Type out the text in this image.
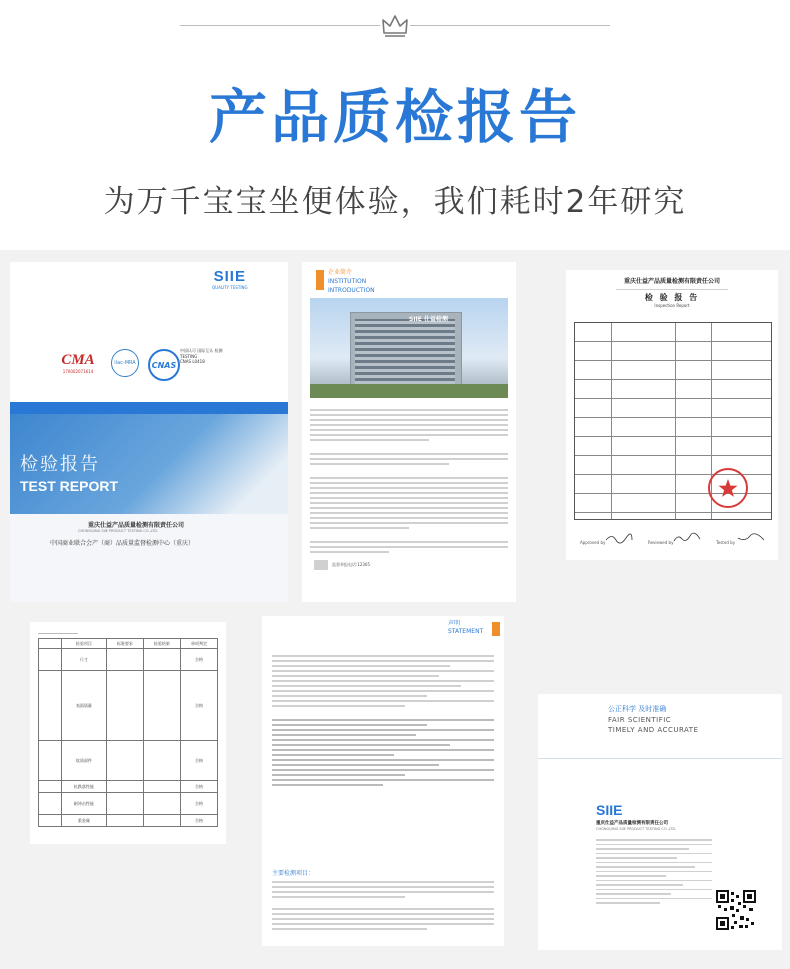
产品质检报告
为万千宝宝坐便体验，我们耗时2年研究
SIIE
QUALITY TESTING
CMA
170002071614
ilac-MRA	CNAS
中国认可 国际互认 检测
TESTING
CNAS L0418
检验报告
TEST REPORT
重庆仕益产品质量检测有限责任公司
CHONGQING SIIE PRODUCT TESTING CO.,LTD.
中国商业联合会产（商）品质量监督检测中心（重庆）
企业简介
INSTITUTION
INTRODUCTION
SIIE 仕益检测
监督举报电话:12365
重庆仕益产品质量检测有限责任公司
检 验 报 告
Inspection Report
Approved by	Reviewed by	Tested by
	检验项目	标准要求	检验结果	单项判定
	尺寸			合格
	表面质量			合格
	软质部件			合格
	抗跌落性能			合格
	耐冲击性能			合格
	重金属			合格
声明
STATEMENT
主要检测项目：
公正科学 及时准确
FAIR SCIENTIFIC
TIMELY AND ACCURATE
SIIE
重庆仕益产品质量检测有限责任公司
CHONGQING SIIE PRODUCT TESTING CO.,LTD.
